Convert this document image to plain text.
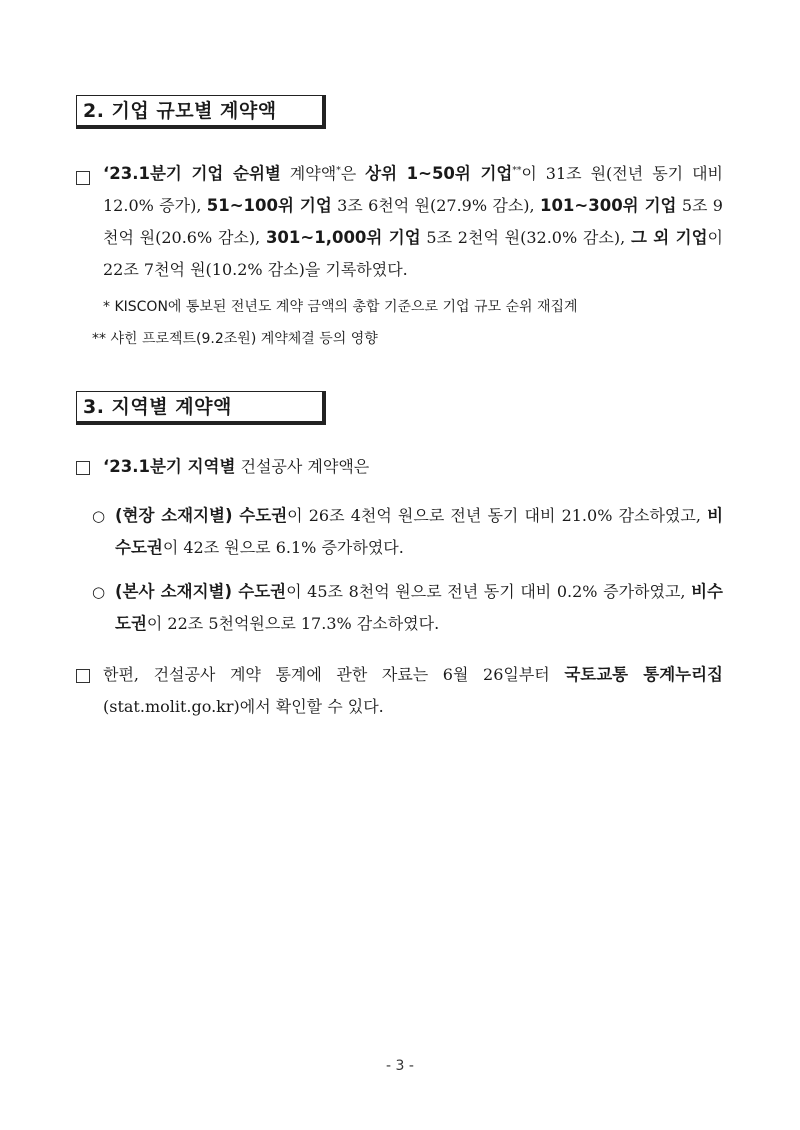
2. 기업 규모별 계약액
‘23.1분기 기업 순위별 계약액*은 상위 1~50위 기업**이 31조 원(전년 동기 대비 12.0% 증가), 51~100위 기업 3조 6천억 원(27.9% 감소), 101~300위 기업 5조 9천억 원(20.6% 감소), 301~1,000위 기업 5조 2천억 원(32.0% 감소), 그 외 기업이 22조 7천억 원(10.2% 감소)을 기록하였다.
* KISCON에 통보된 전년도 계약 금액의 총합 기준으로 기업 규모 순위 재집계
** 샤힌 프로젝트(9.2조원) 계약체결 등의 영향
3. 지역별 계약액
‘23.1분기 지역별 건설공사 계약액은
○ (현장 소재지별) 수도권이 26조 4천억 원으로 전년 동기 대비 21.0% 감소하였고, 비수도권이 42조 원으로 6.1% 증가하였다.
○ (본사 소재지별) 수도권이 45조 8천억 원으로 전년 동기 대비 0.2% 증가하였고, 비수도권이 22조 5천억원으로 17.3% 감소하였다.
한편, 건설공사 계약 통계에 관한 자료는 6월 26일부터 국토교통 통계누리집(stat.molit.go.kr)에서 확인할 수 있다.
- 3 -
